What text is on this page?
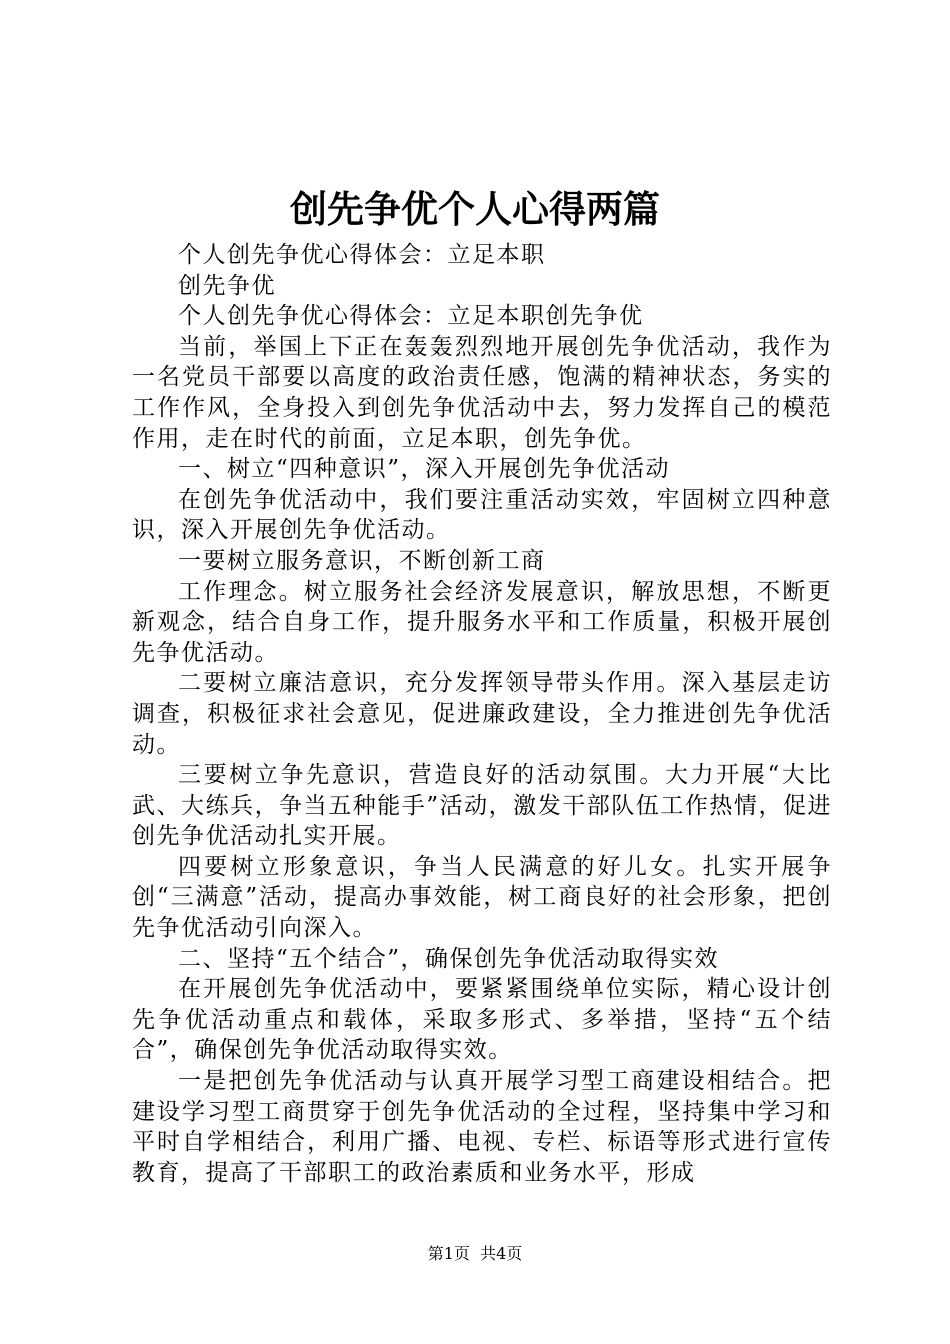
创先争优个人心得两篇

个人创先争优心得体会：立足本职

创先争优

个人创先争优心得体会：立足本职创先争优

当前，举国上下正在轰轰烈烈地开展创先争优活动，我作为一名党员干部要以高度的政治责任感，饱满的精神状态，务实的工作作风，全身投入到创先争优活动中去，努力发挥自己的模范作用，走在时代的前面，立足本职，创先争优。

一、树立“四种意识”，深入开展创先争优活动

在创先争优活动中，我们要注重活动实效，牢固树立四种意识，深入开展创先争优活动。

一要树立服务意识，不断创新工商

工作理念。树立服务社会经济发展意识，解放思想，不断更新观念，结合自身工作，提升服务水平和工作质量，积极开展创先争优活动。

二要树立廉洁意识，充分发挥领导带头作用。深入基层走访调查，积极征求社会意见，促进廉政建设，全力推进创先争优活动。

三要树立争先意识，营造良好的活动氛围。大力开展“大比武、大练兵，争当五种能手”活动，激发干部队伍工作热情，促进创先争优活动扎实开展。

四要树立形象意识，争当人民满意的好儿女。扎实开展争创“三满意”活动，提高办事效能，树工商良好的社会形象，把创先争优活动引向深入。

二、坚持“五个结合”，确保创先争优活动取得实效

在开展创先争优活动中，要紧紧围绕单位实际，精心设计创先争优活动重点和载体，采取多形式、多举措，坚持“五个结合”，确保创先争优活动取得实效。

一是把创先争优活动与认真开展学习型工商建设相结合。把建设学习型工商贯穿于创先争优活动的全过程，坚持集中学习和平时自学相结合，利用广播、电视、专栏、标语等形式进行宣传教育，提高了干部职工的政治素质和业务水平，形成

第1页 共4页
